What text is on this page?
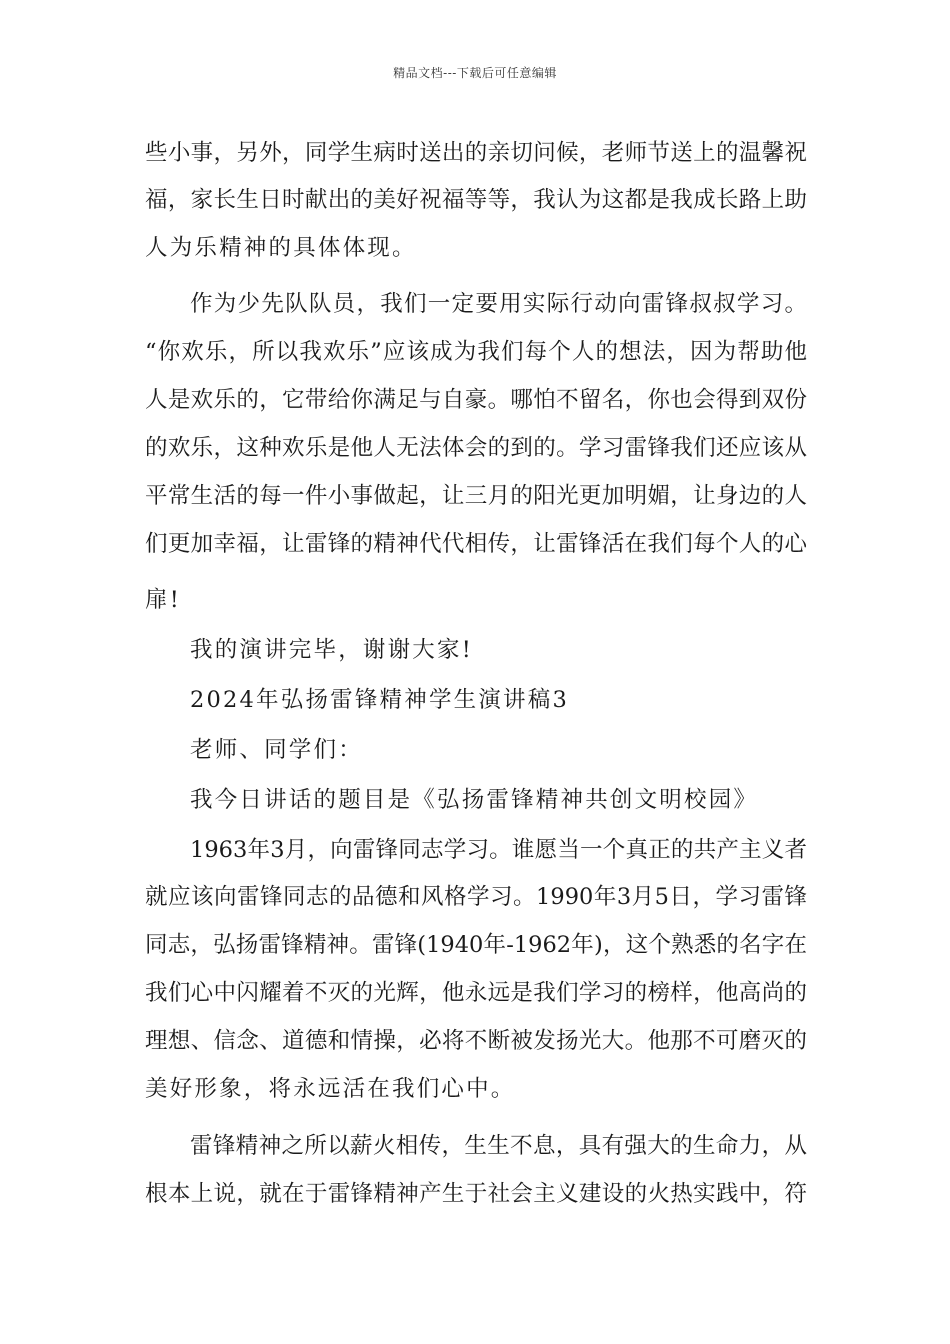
精品文档---下载后可任意编辑
些小事，另外，同学生病时送出的亲切问候，老师节送上的温馨祝
福，家长生日时献出的美好祝福等等，我认为这都是我成长路上助
人为乐精神的具体体现。
作为少先队队员，我们一定要用实际行动向雷锋叔叔学习。
“你欢乐，所以我欢乐”应该成为我们每个人的想法，因为帮助他
人是欢乐的，它带给你满足与自豪。哪怕不留名，你也会得到双份
的欢乐，这种欢乐是他人无法体会的到的。学习雷锋我们还应该从
平常生活的每一件小事做起，让三月的阳光更加明媚，让身边的人
们更加幸福，让雷锋的精神代代相传，让雷锋活在我们每个人的心
扉!
我的演讲完毕，谢谢大家!
2024年弘扬雷锋精神学生演讲稿3
老师、同学们：
我今日讲话的题目是《弘扬雷锋精神共创文明校园》
1963年3月，向雷锋同志学习。谁愿当一个真正的共产主义者
就应该向雷锋同志的品德和风格学习。1990年3月5日，学习雷锋
同志，弘扬雷锋精神。雷锋(1940年-1962年)，这个熟悉的名字在
我们心中闪耀着不灭的光辉，他永远是我们学习的榜样，他高尚的
理想、信念、道德和情操，必将不断被发扬光大。他那不可磨灭的
美好形象，将永远活在我们心中。
雷锋精神之所以薪火相传，生生不息，具有强大的生命力，从
根本上说，就在于雷锋精神产生于社会主义建设的火热实践中，符
